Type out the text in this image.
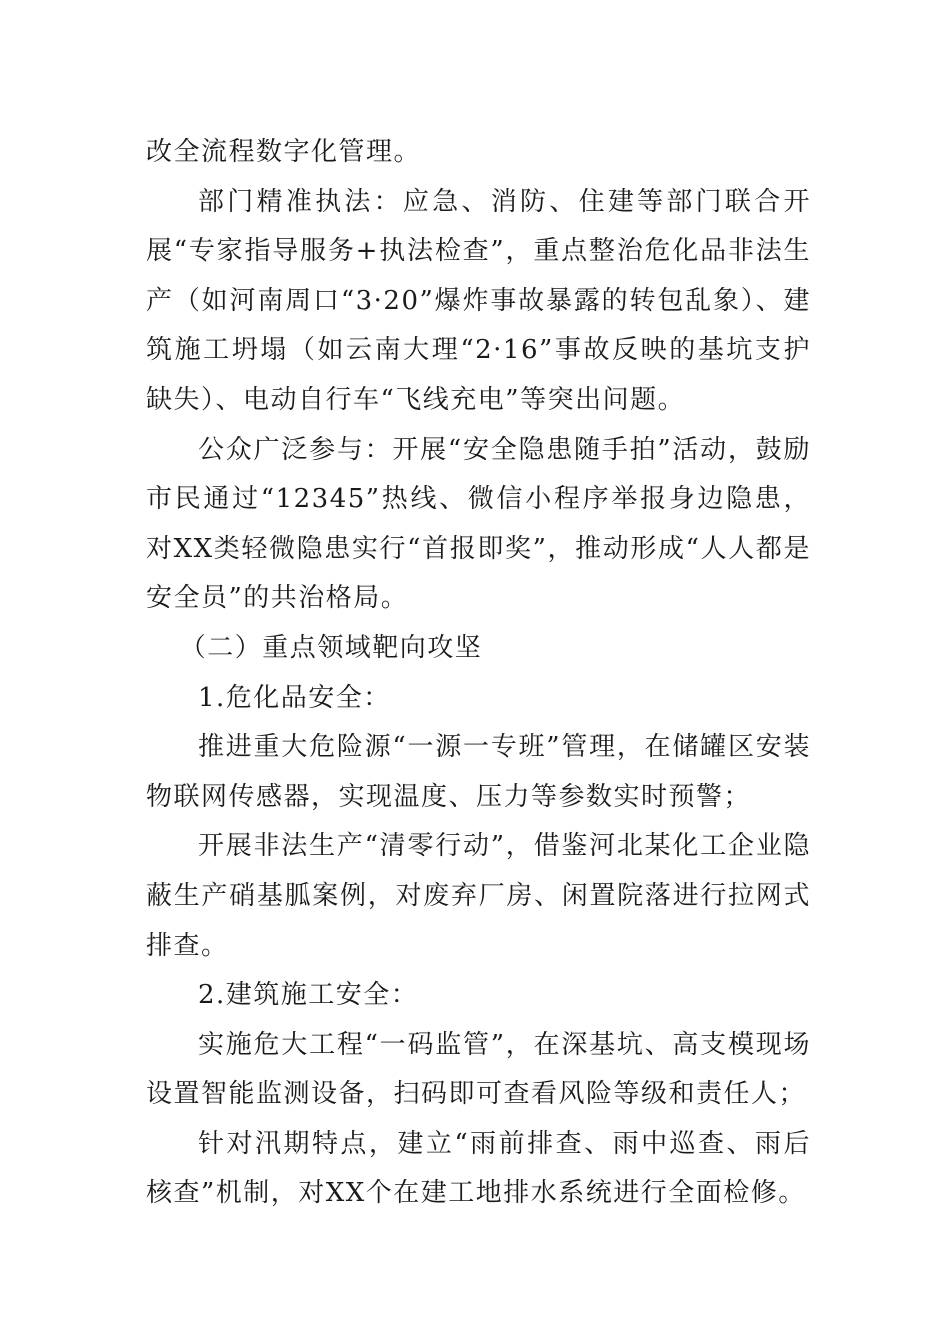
改全流程数字化管理。

部门精准执法：应急、消防、住建等部门联合开展“专家指导服务+执法检查”，重点整治危化品非法生产（如河南周口“3·20”爆炸事故暴露的转包乱象）、建筑施工坍塌（如云南大理“2·16”事故反映的基坑支护缺失）、电动自行车“飞线充电”等突出问题。

公众广泛参与：开展“安全隐患随手拍”活动，鼓励市民通过“12345”热线、微信小程序举报身边隐患，对XX类轻微隐患实行“首报即奖”，推动形成“人人都是安全员”的共治格局。

（二）重点领域靶向攻坚

1.危化品安全：

推进重大危险源“一源一专班”管理，在储罐区安装物联网传感器，实现温度、压力等参数实时预警；

开展非法生产“清零行动”，借鉴河北某化工企业隐蔽生产硝基胍案例，对废弃厂房、闲置院落进行拉网式排查。

2.建筑施工安全：

实施危大工程“一码监管”，在深基坑、高支模现场设置智能监测设备，扫码即可查看风险等级和责任人；

针对汛期特点，建立“雨前排查、雨中巡查、雨后核查”机制，对XX个在建工地排水系统进行全面检修。
